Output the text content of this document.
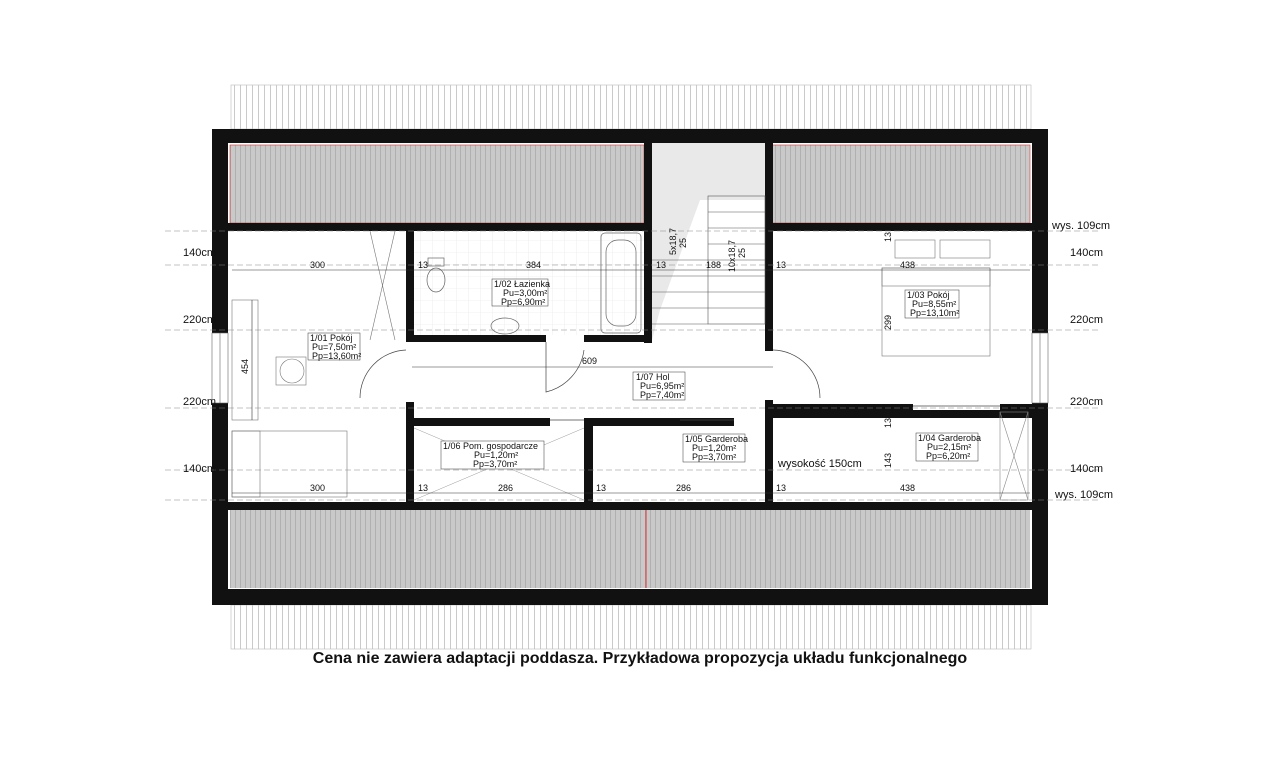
1/01 Pokój
Pu=7,50m²
Pp=13,60m²
1/02 Łazienka
Pu=3,00m²
Pp=6,90m²
1/03 Pokój
Pu=8,55m²
Pp=13,10m²
1/04 Garderoba
Pu=2,15m²
Pp=6,20m²
1/05 Garderoba
Pu=1,20m²
Pp=3,70m²
1/06 Pom. gospodarcze
Pu=1,20m²
Pp=3,70m²
1/07 Hol
Pu=6,95m²
Pp=7,40m²
300	13	384	13	188	13	438
609
300	13	286	13	286	13	438
454
299
143
13
13
5x18,7 25	10x18,7 25
140cm
220cm
220cm
140cm
140cm
220cm
220cm
140cm
wys. 109cm
wys. 109cm
wysokość 150cm
Cena nie zawiera adaptacji poddasza. Przykładowa propozycja układu funkcjonalnego
